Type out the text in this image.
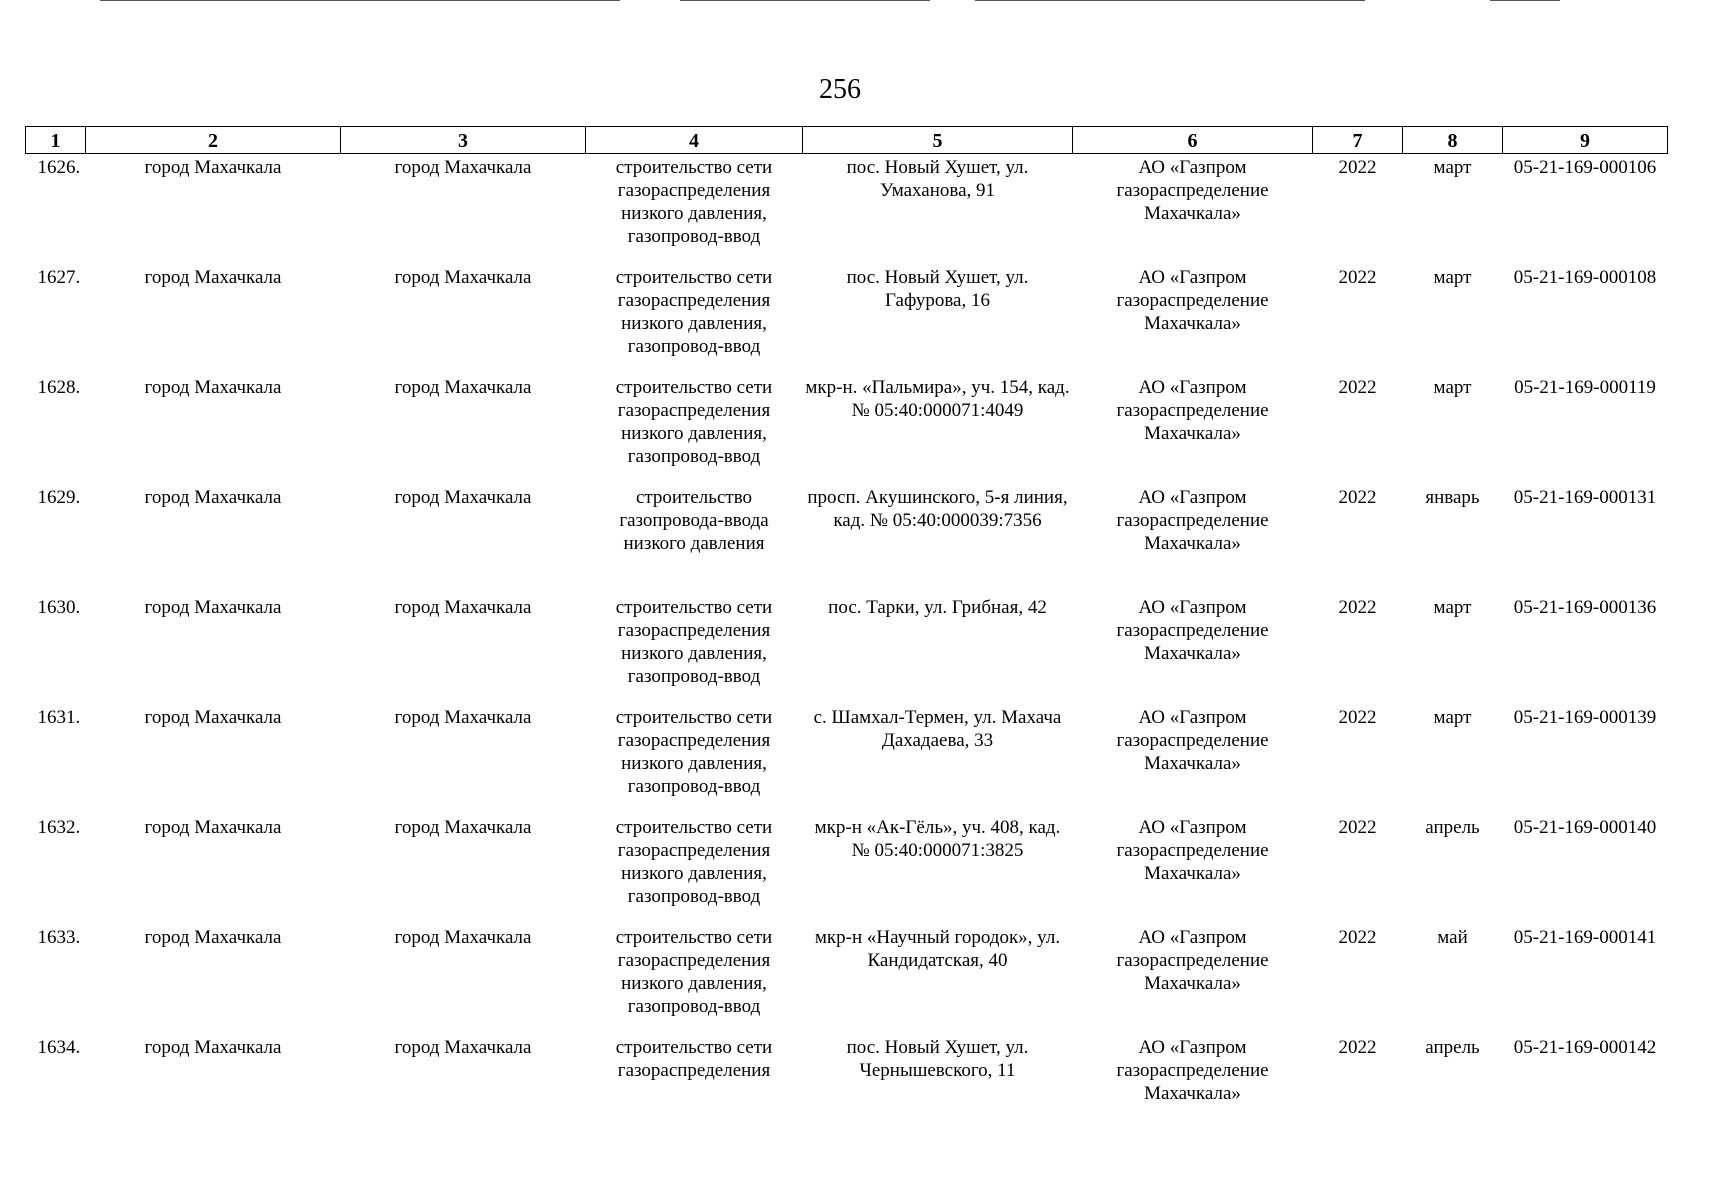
256
1	2	3	4	5	6	7	8	9
1626.	город Махачкала	город Махачкала	строительство сети газораспределения низкого давления, газопровод-ввод	пос. Новый Хушет, ул. Умаханова, 91	АО «Газпром газораспределение Махачкала»	2022	март	05-21-169-000106
1627.	город Махачкала	город Махачкала	строительство сети газораспределения низкого давления, газопровод-ввод	пос. Новый Хушет, ул. Гафурова, 16	АО «Газпром газораспределение Махачкала»	2022	март	05-21-169-000108
1628.	город Махачкала	город Махачкала	строительство сети газораспределения низкого давления, газопровод-ввод	мкр-н. «Пальмира», уч. 154, кад. № 05:40:000071:4049	АО «Газпром газораспределение Махачкала»	2022	март	05-21-169-000119
1629.	город Махачкала	город Махачкала	строительство газопровода-ввода низкого давления	просп. Акушинского, 5-я линия, кад. № 05:40:000039:7356	АО «Газпром газораспределение Махачкала»	2022	январь	05-21-169-000131
1630.	город Махачкала	город Махачкала	строительство сети газораспределения низкого давления, газопровод-ввод	пос. Тарки, ул. Грибная, 42	АО «Газпром газораспределение Махачкала»	2022	март	05-21-169-000136
1631.	город Махачкала	город Махачкала	строительство сети газораспределения низкого давления, газопровод-ввод	с. Шамхал-Термен, ул. Махача Дахадаева, 33	АО «Газпром газораспределение Махачкала»	2022	март	05-21-169-000139
1632.	город Махачкала	город Махачкала	строительство сети газораспределения низкого давления, газопровод-ввод	мкр-н «Ак-Гёль», уч. 408, кад. № 05:40:000071:3825	АО «Газпром газораспределение Махачкала»	2022	апрель	05-21-169-000140
1633.	город Махачкала	город Махачкала	строительство сети газораспределения низкого давления, газопровод-ввод	мкр-н «Научный городок», ул. Кандидатская, 40	АО «Газпром газораспределение Махачкала»	2022	май	05-21-169-000141
1634.	город Махачкала	город Махачкала	строительство сети газораспределения	пос. Новый Хушет, ул. Чернышевского, 11	АО «Газпром газораспределение Махачкала»	2022	апрель	05-21-169-000142
